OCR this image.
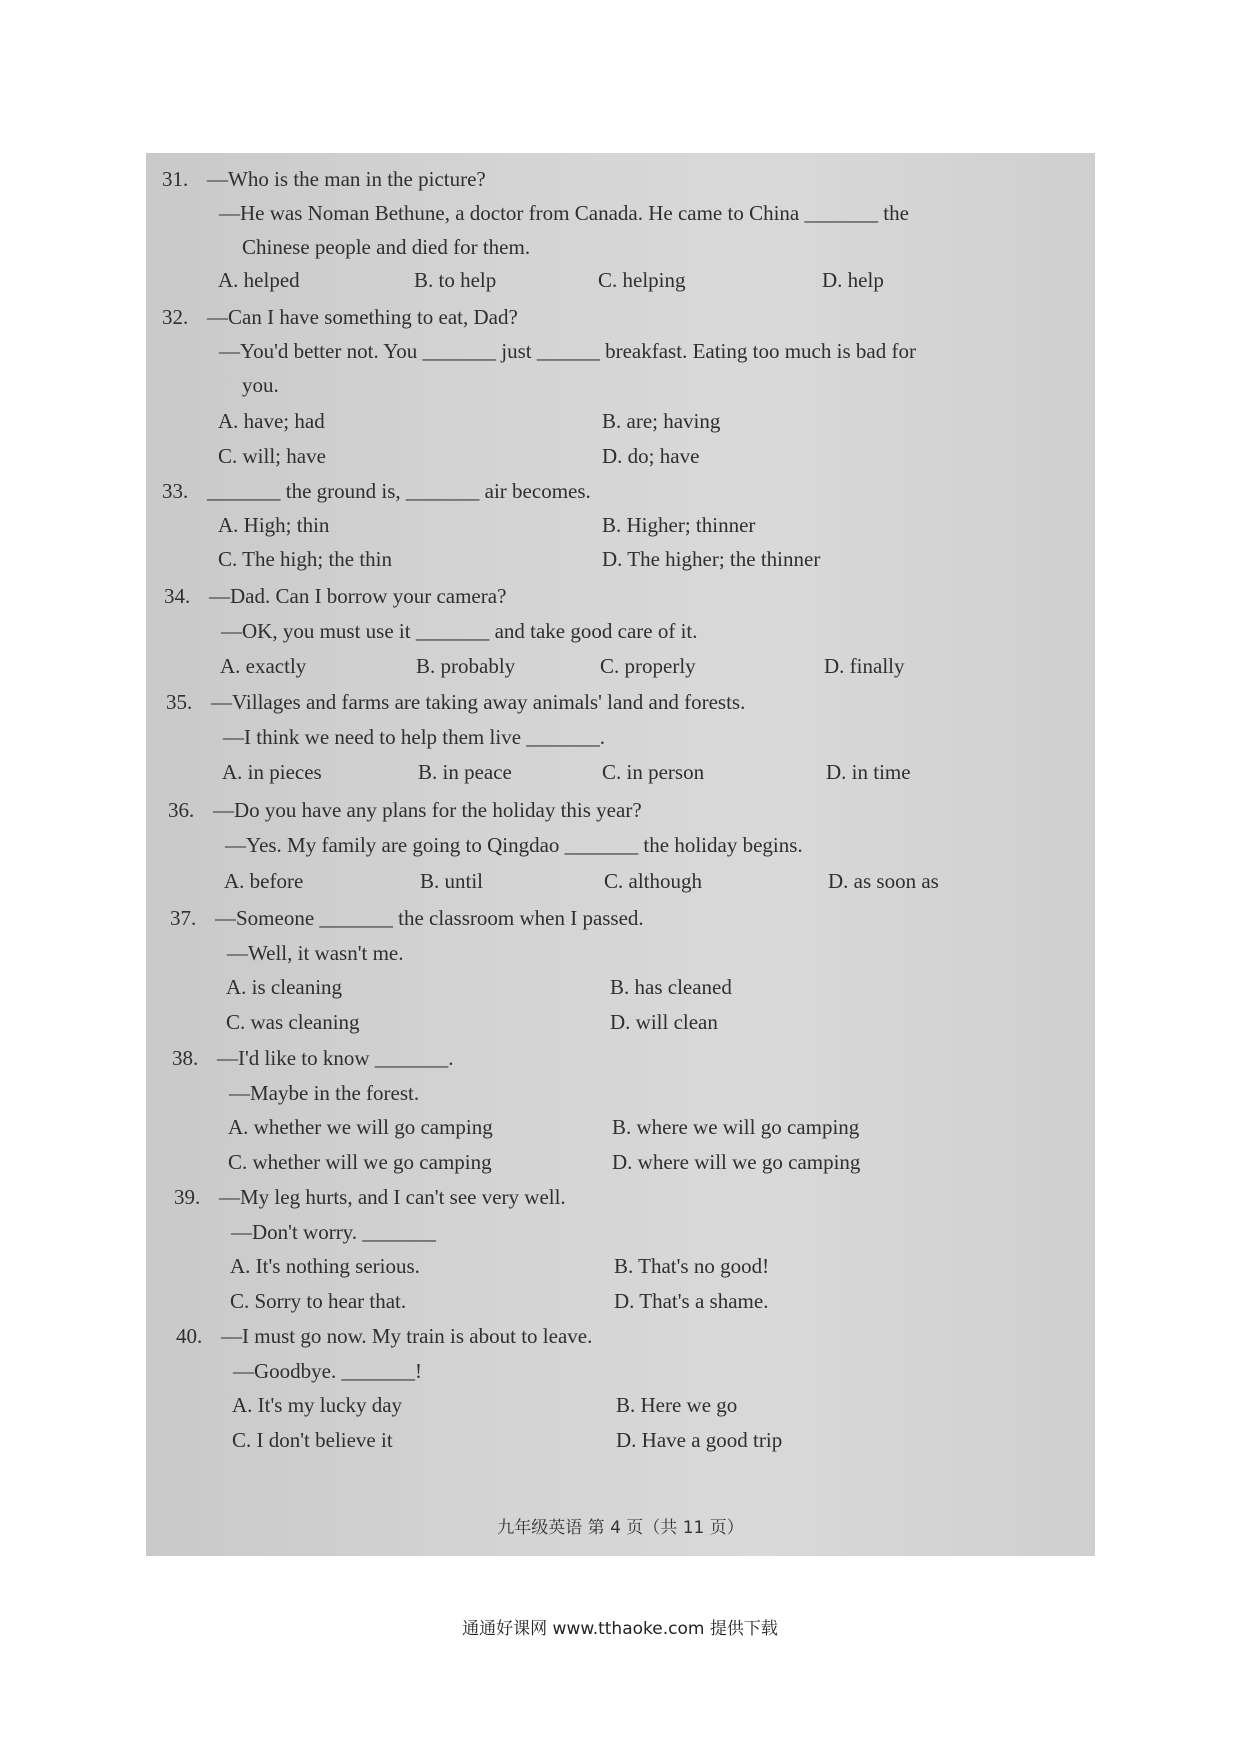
31. —Who is the man in the picture?
—He was Noman Bethune, a doctor from Canada. He came to China _______ the
Chinese people and died for them.
A. helped	B. to help	C. helping	D. help
32. —Can I have something to eat, Dad?
—You'd better not. You _______ just ______ breakfast. Eating too much is bad for
you.
A. have; had	B. are; having
C. will; have	D. do; have
33. _______ the ground is, _______ air becomes.
A. High; thin	B. Higher; thinner
C. The high; the thin	D. The higher; the thinner
34. —Dad. Can I borrow your camera?
—OK, you must use it _______ and take good care of it.
A. exactly	B. probably	C. properly	D. finally
35. —Villages and farms are taking away animals' land and forests.
—I think we need to help them live _______.
A. in pieces	B. in peace	C. in person	D. in time
36. —Do you have any plans for the holiday this year?
—Yes. My family are going to Qingdao _______ the holiday begins.
A. before	B. until	C. although	D. as soon as
37. —Someone _______ the classroom when I passed.
—Well, it wasn't me.
A. is cleaning	B. has cleaned
C. was cleaning	D. will clean
38. —I'd like to know _______.
—Maybe in the forest.
A. whether we will go camping	B. where we will go camping
C. whether will we go camping	D. where will we go camping
39. —My leg hurts, and I can't see very well.
—Don't worry. _______
A. It's nothing serious.	B. That's no good!
C. Sorry to hear that.	D. That's a shame.
40. —I must go now. My train is about to leave.
—Goodbye. _______!
A. It's my lucky day	B. Here we go
C. I don't believe it	D. Have a good trip
九年级英语 第 4 页（共 11 页）
通通好课网 www.tthaoke.com 提供下载
